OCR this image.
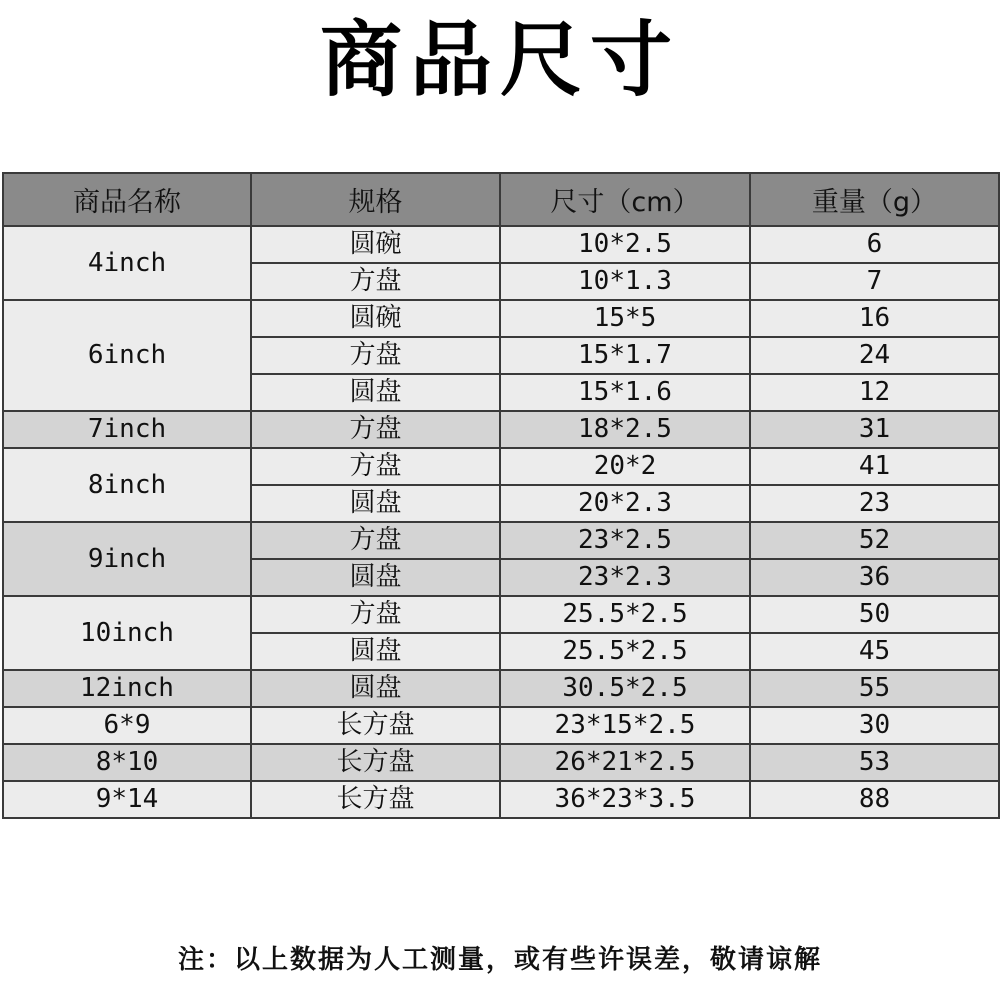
商品尺寸
商品名称	规格	尺寸（cm）	重量（g）
4inch	圆碗	10*2.5	6
	方盘	10*1.3	7
6inch	圆碗	15*5	16
	方盘	15*1.7	24
	圆盘	15*1.6	12
7inch	方盘	18*2.5	31
8inch	方盘	20*2	41
	圆盘	20*2.3	23
9inch	方盘	23*2.5	52
	圆盘	23*2.3	36
10inch	方盘	25.5*2.5	50
	圆盘	25.5*2.5	45
12inch	圆盘	30.5*2.5	55
6*9	长方盘	23*15*2.5	30
8*10	长方盘	26*21*2.5	53
9*14	长方盘	36*23*3.5	88
注：以上数据为人工测量，或有些许误差，敬请谅解
